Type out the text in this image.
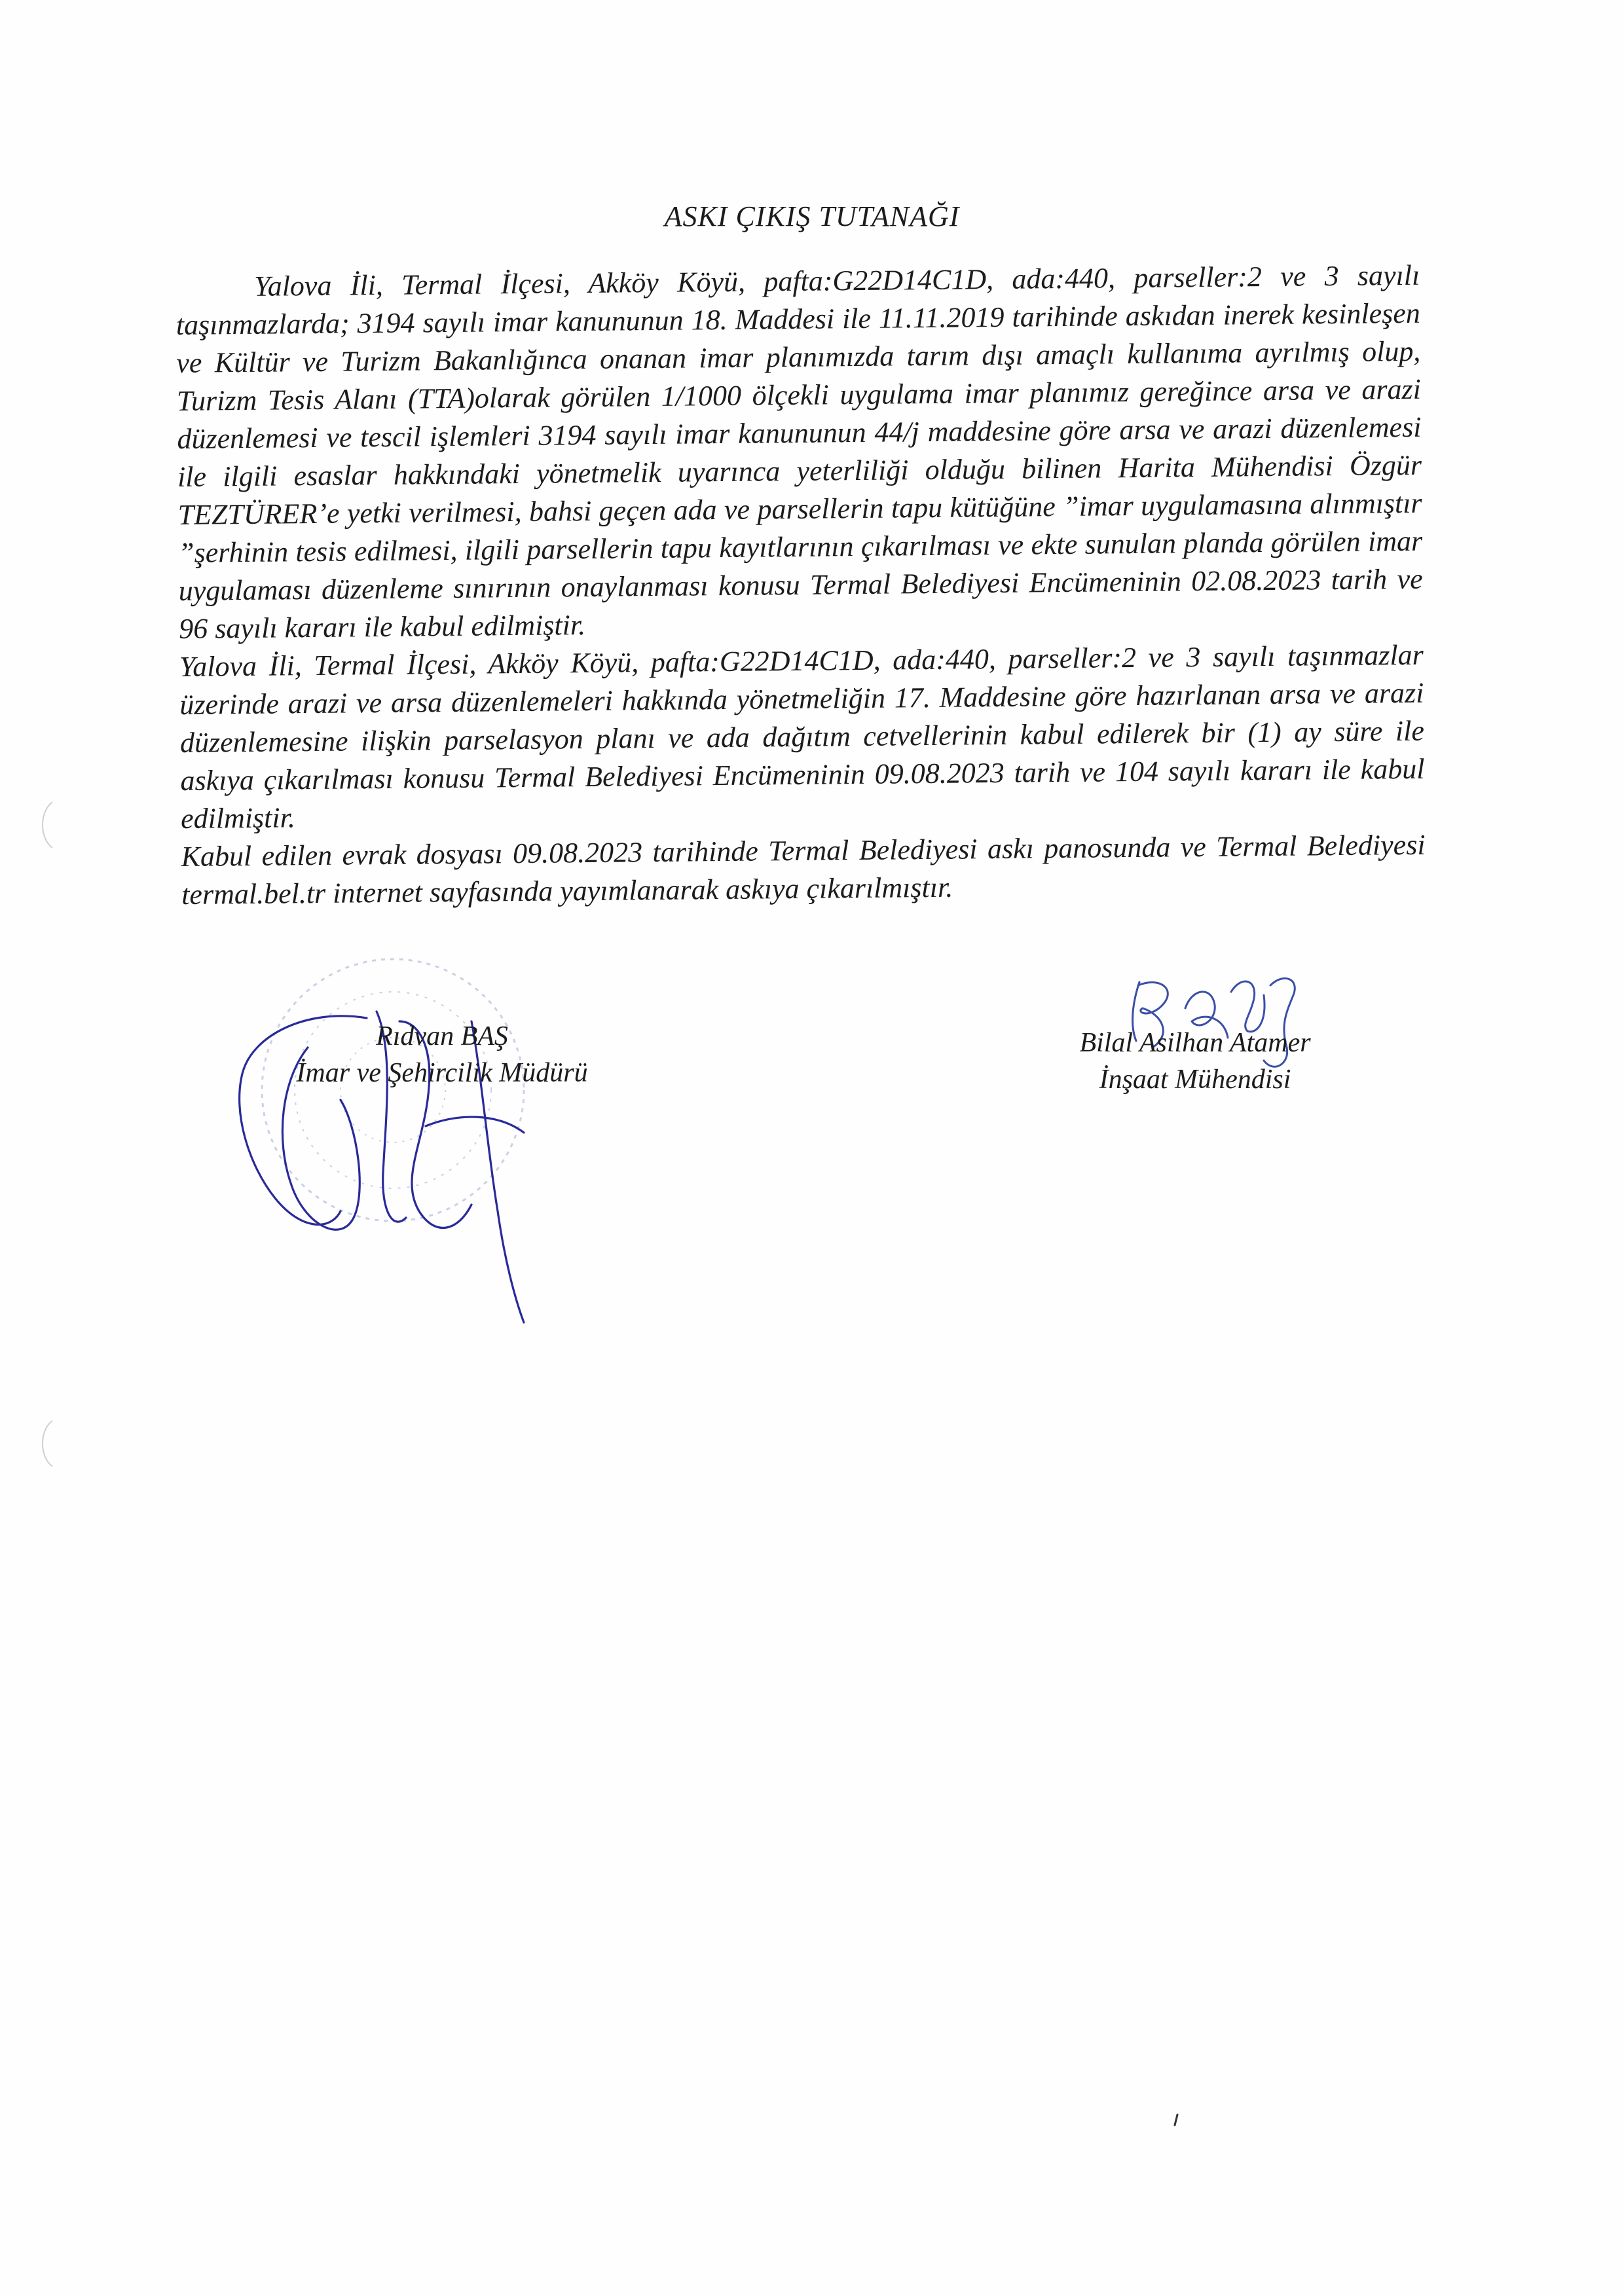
ASKI ÇIKIŞ TUTANAĞI

Yalova İli, Termal İlçesi, Akköy Köyü, pafta:G22D14C1D, ada:440, parseller:2 ve 3 sayılı taşınmazlarda; 3194 sayılı imar kanununun 18. Maddesi ile 11.11.2019 tarihinde askıdan inerek kesinleşen ve Kültür ve Turizm Bakanlığınca onanan imar planımızda tarım dışı amaçlı kullanıma ayrılmış olup, Turizm Tesis Alanı (TTA)olarak görülen 1/1000 ölçekli uygulama imar planımız gereğince arsa ve arazi düzenlemesi ve tescil işlemleri 3194 sayılı imar kanununun 44/j maddesine göre arsa ve arazi düzenlemesi ile ilgili esaslar hakkındaki yönetmelik uyarınca yeterliliği olduğu bilinen Harita Mühendisi Özgür TEZTÜRER’e yetki verilmesi, bahsi geçen ada ve parsellerin tapu kütüğüne ”imar uygulamasına alınmıştır ”şerhinin tesis edilmesi, ilgili parsellerin tapu kayıtlarının çıkarılması ve ekte sunulan planda görülen imar uygulaması düzenleme sınırının onaylanması konusu Termal Belediyesi Encümeninin 02.08.2023 tarih ve 96 sayılı kararı ile kabul edilmiştir.

Yalova İli, Termal İlçesi, Akköy Köyü, pafta:G22D14C1D, ada:440, parseller:2 ve 3 sayılı taşınmazlar üzerinde arazi ve arsa düzenlemeleri hakkında yönetmeliğin 17. Maddesine göre hazırlanan arsa ve arazi düzenlemesine ilişkin parselasyon planı ve ada dağıtım cetvellerinin kabul edilerek bir (1) ay süre ile askıya çıkarılması konusu Termal Belediyesi Encümeninin 09.08.2023 tarih ve 104 sayılı kararı ile kabul edilmiştir.

Kabul edilen evrak dosyası 09.08.2023 tarihinde Termal Belediyesi askı panosunda ve Termal Belediyesi termal.bel.tr internet sayfasında yayımlanarak askıya çıkarılmıştır.

Rıdvan BAŞ
İmar ve Şehircilik Müdürü
Bilal Asilhan Atamer
İnşaat Mühendisi
